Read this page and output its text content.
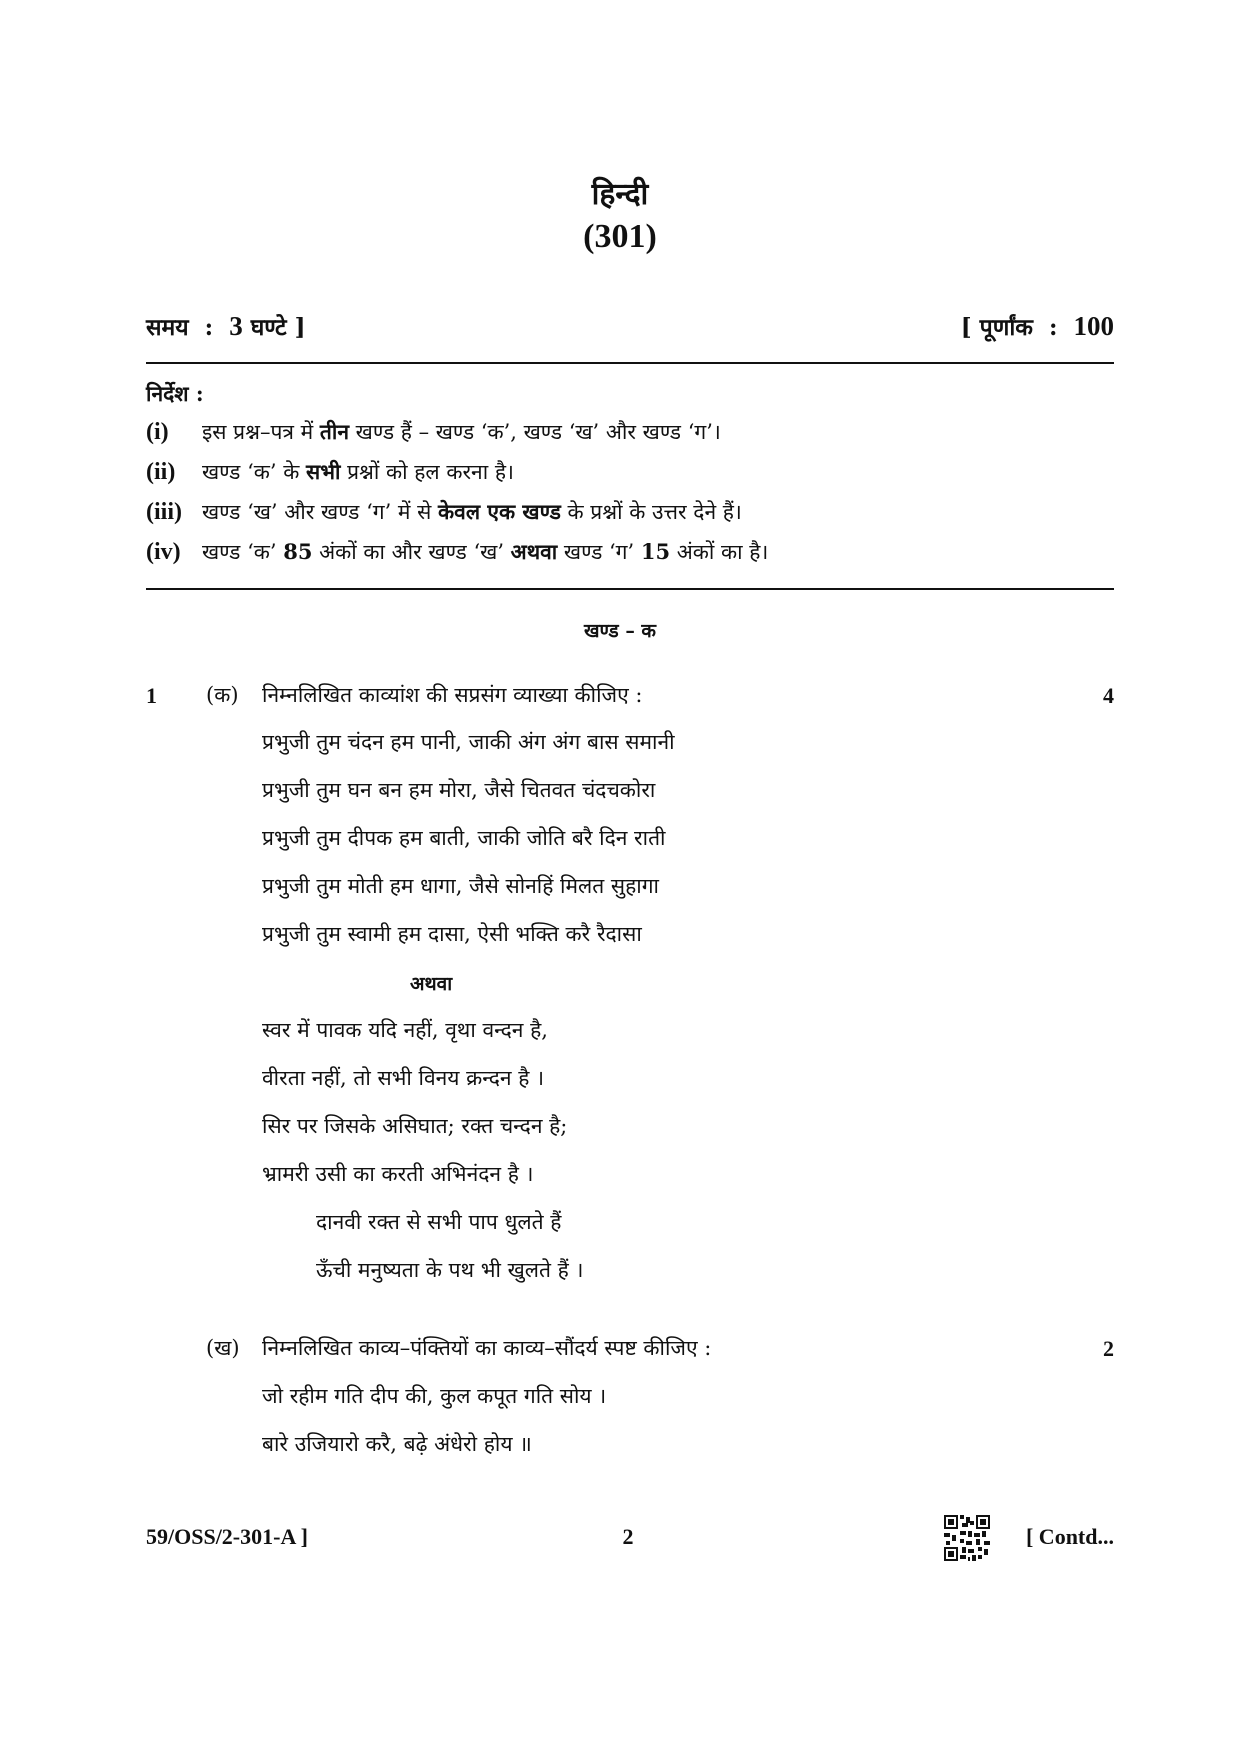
हिन्दी
(301)
समय : 3 घण्टे ]	[ पूर्णांक : 100
निर्देश :
(i) इस प्रश्न–पत्र में तीन खण्ड हैं – खण्ड ‘क’, खण्ड ‘ख’ और खण्ड ‘ग’।
(ii) खण्ड ‘क’ के सभी प्रश्नों को हल करना है।
(iii) खण्ड ‘ख’ और खण्ड ‘ग’ में से केवल एक खण्ड के प्रश्नों के उत्तर देने हैं।
(iv) खण्ड ‘क’ 85 अंकों का और खण्ड ‘ख’ अथवा खण्ड ‘ग’ 15 अंकों का है।
खण्ड – क
1 (क) निम्नलिखित काव्यांश की सप्रसंग व्याख्या कीजिए :	4
प्रभुजी तुम चंदन हम पानी, जाकी अंग अंग बास समानी
प्रभुजी तुम घन बन हम मोरा, जैसे चितवत चंदचकोरा
प्रभुजी तुम दीपक हम बाती, जाकी जोति बरै दिन राती
प्रभुजी तुम मोती हम धागा, जैसे सोनहिं मिलत सुहागा
प्रभुजी तुम स्वामी हम दासा, ऐसी भक्ति करै रैदासा
अथवा
स्वर में पावक यदि नहीं, वृथा वन्दन है,
वीरता नहीं, तो सभी विनय क्रन्दन है ।
सिर पर जिसके असिघात; रक्त चन्दन है;
भ्रामरी उसी का करती अभिनंदन है ।
दानवी रक्त से सभी पाप धुलते हैं
ऊँची मनुष्यता के पथ भी खुलते हैं ।
(ख) निम्नलिखित काव्य–पंक्तियों का काव्य–सौंदर्य स्पष्ट कीजिए :	2
जो रहीम गति दीप की, कुल कपूत गति सोय ।
बारे उजियारो करै, बढ़े अंधेरो होय ॥
59/OSS/2-301-A ]	2	[ Contd...
